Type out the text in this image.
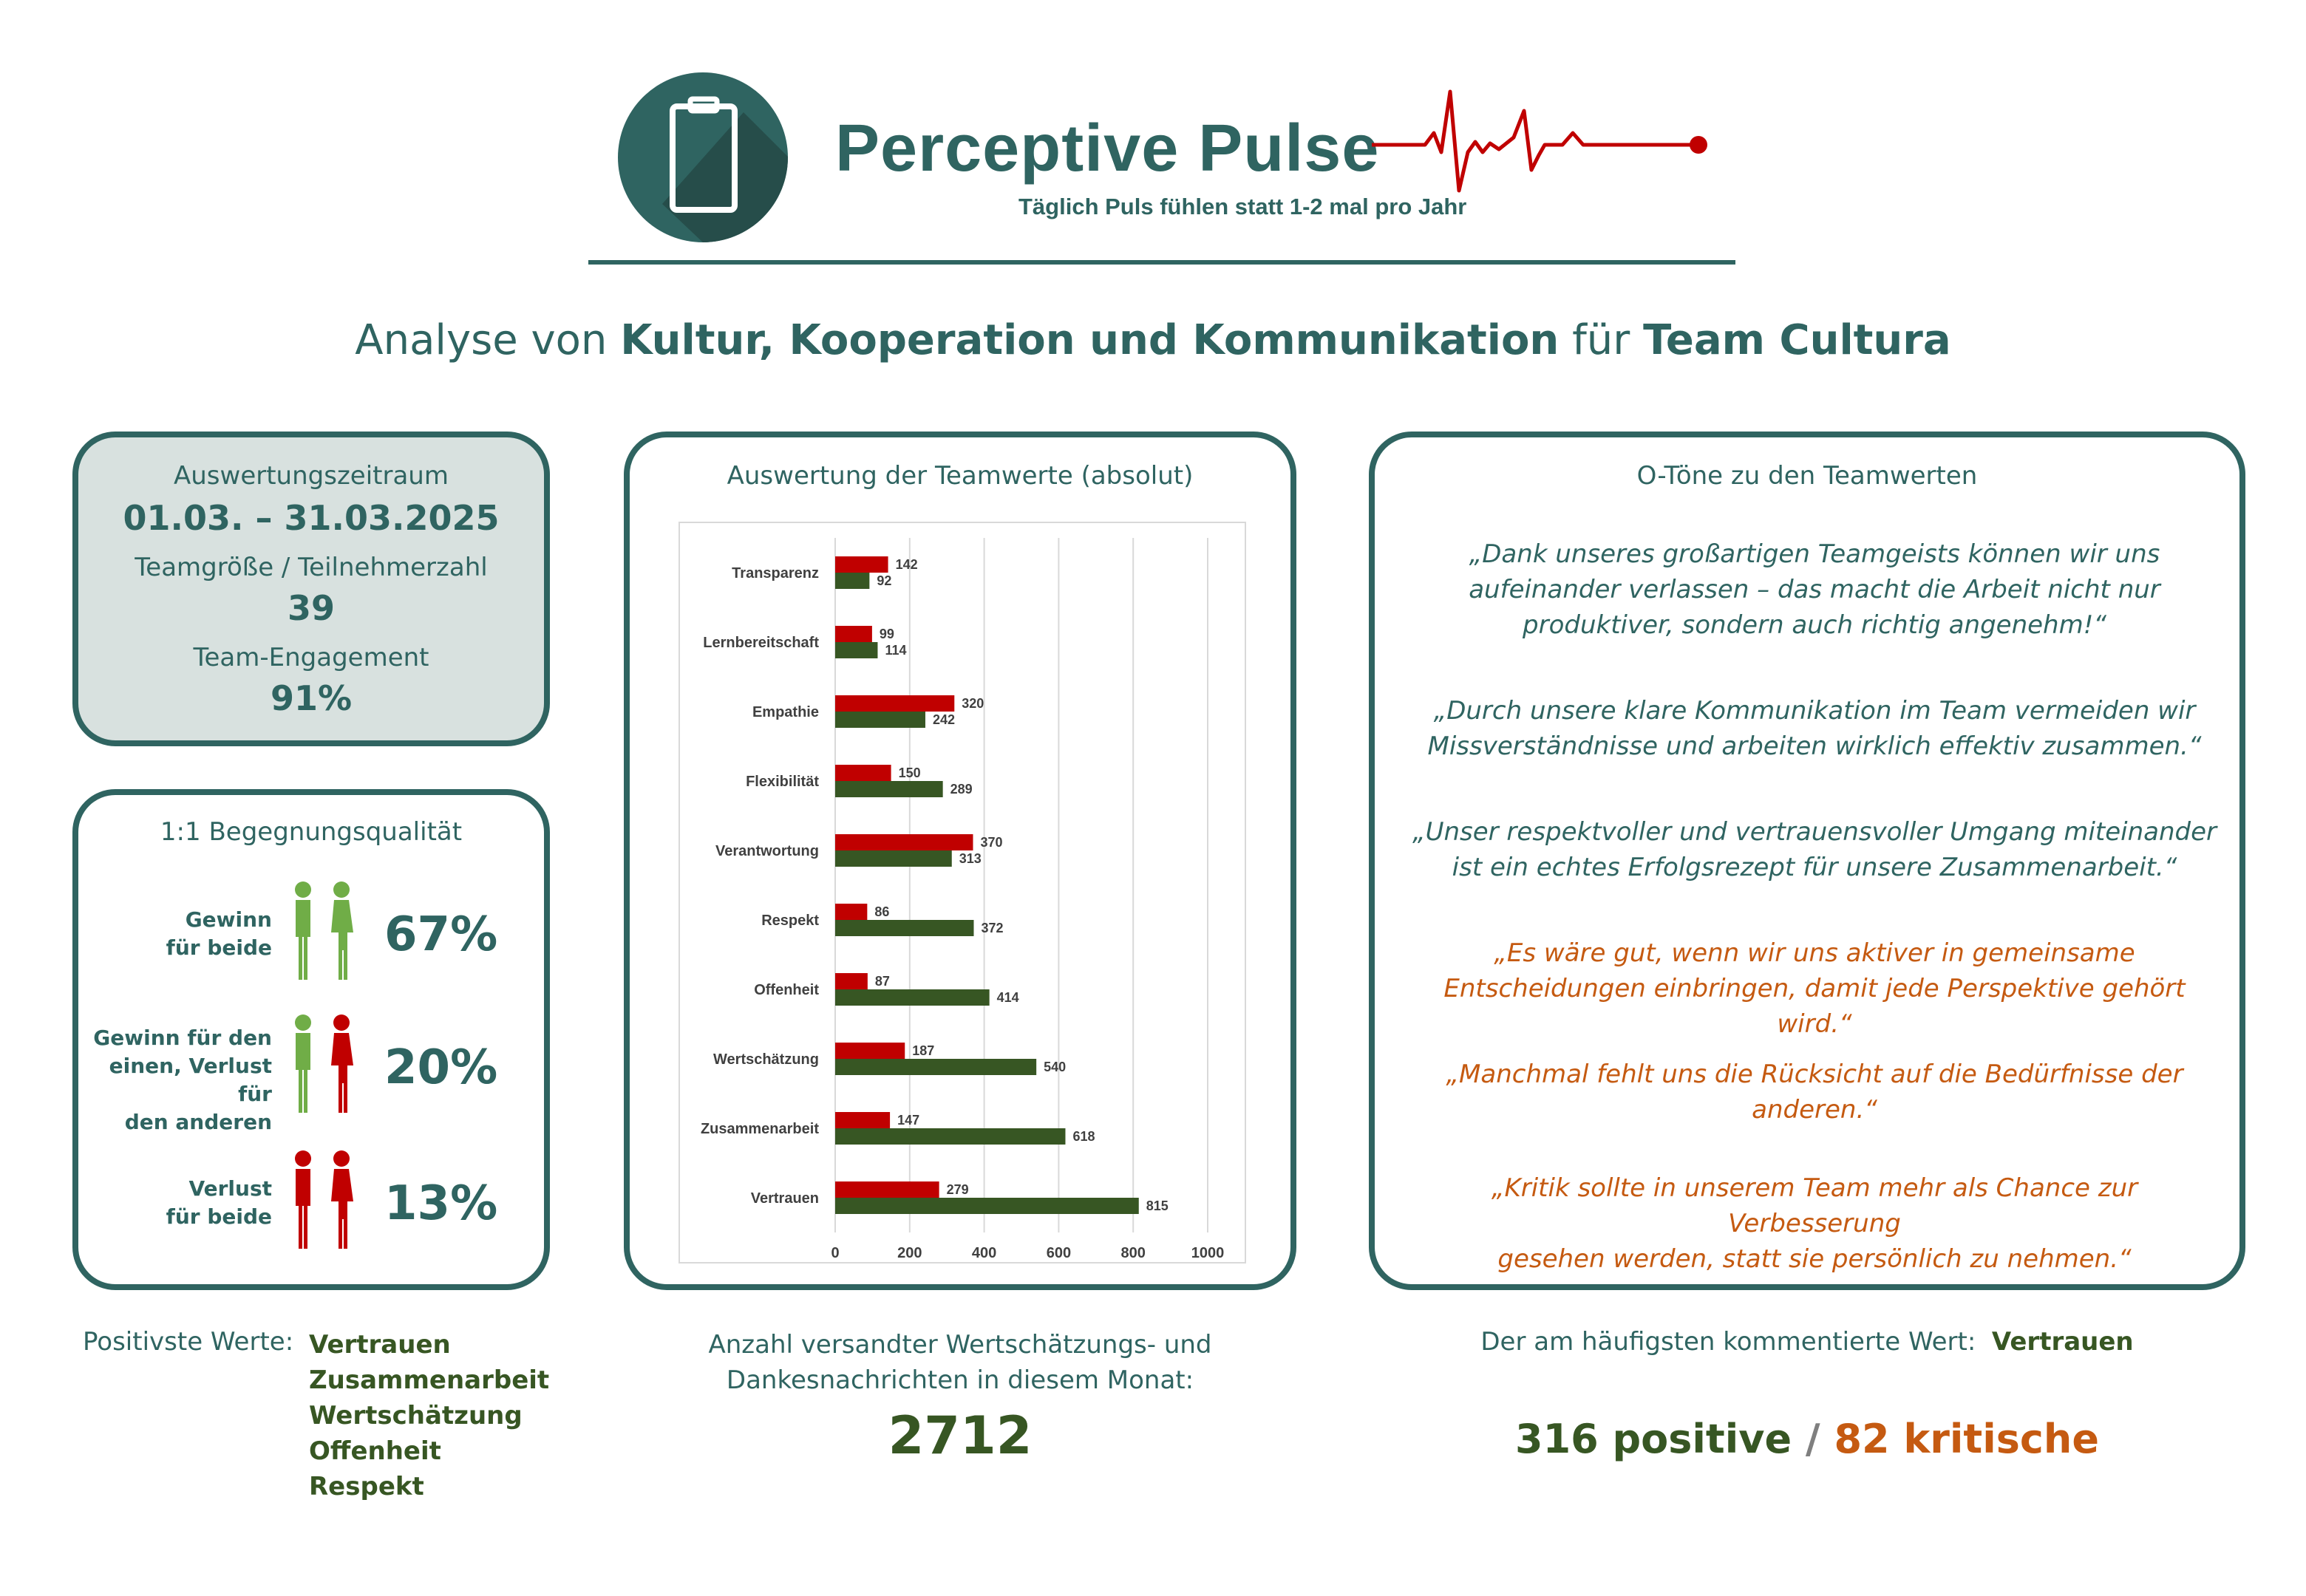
Perceptive Pulse
Täglich Puls fühlen statt 1-2 mal pro Jahr
Analyse von Kultur, Kooperation und Kommunikation für Team Cultura
Auswertungszeitraum
01.03. – 31.03.2025
Teamgröße / Teilnehmerzahl
39
Team-Engagement
91%
1:1 Begegnungsqualität
Gewinn
für beide 67%
Gewinn für den
einen, Verlust für
den anderen
20%
Verlust
für beide 13%
Auswertung der Teamwerte (absolut)
0	200	400	600	800	1000
Transparenz
142
92
Lernbereitschaft
99
114
Empathie
320
242
Flexibilität
150
289
Verantwortung
370
313
Respekt
86
372
Offenheit
87
414
Wertschätzung
187
540
Zusammenarbeit
147
618
Vertrauen
279
815
O-Töne zu den Teamwerten
„Dank unseres großartigen Teamgeists können wir uns
aufeinander verlassen – das macht die Arbeit nicht nur
produktiver, sondern auch richtig angenehm!“
„Durch unsere klare Kommunikation im Team vermeiden wir
Missverständnisse und arbeiten wirklich effektiv zusammen.“
„Unser respektvoller und vertrauensvoller Umgang miteinander
ist ein echtes Erfolgsrezept für unsere Zusammenarbeit.“
„Es wäre gut, wenn wir uns aktiver in gemeinsame
Entscheidungen einbringen, damit jede Perspektive gehört wird.“
„Manchmal fehlt uns die Rücksicht auf die Bedürfnisse der
anderen.“
„Kritik sollte in unserem Team mehr als Chance zur Verbesserung
gesehen werden, statt sie persönlich zu nehmen.“
Positivste Werte: Vertrauen
Zusammenarbeit
Wertschätzung
Offenheit
Respekt
Anzahl versandter Wertschätzungs- und
Dankesnachrichten in diesem Monat:
2712
Der am häufigsten kommentierte Wert: Vertrauen
316 positive / 82 kritische
